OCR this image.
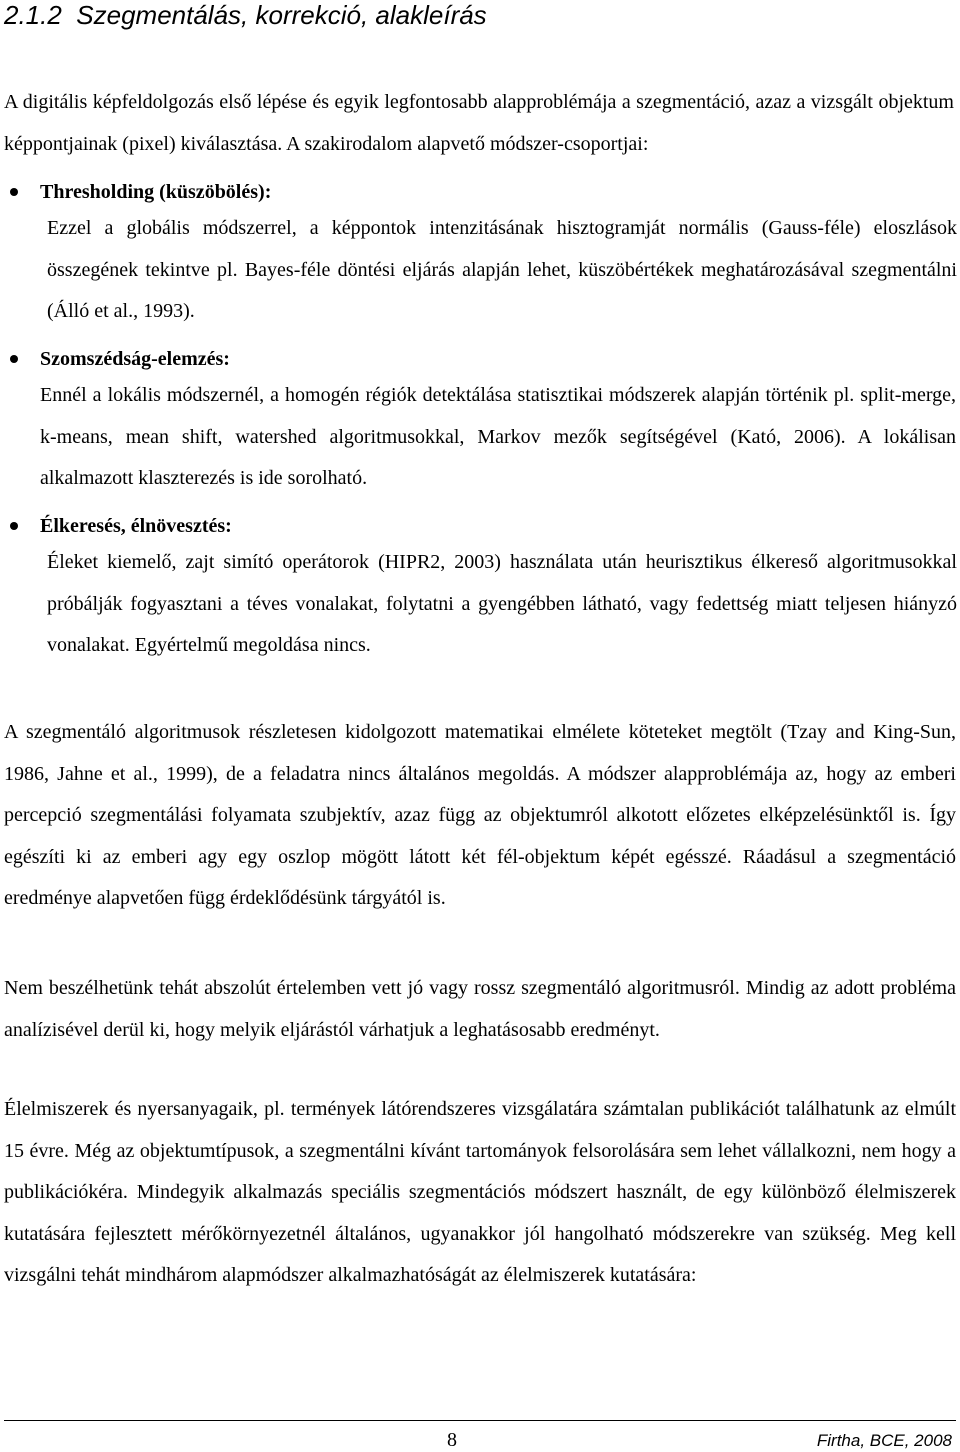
2.1.2 Szegmentálás, korrekció, alakleírás

A digitális képfeldolgozás első lépése és egyik legfontosabb alapproblémája a szegmentáció, azaz a vizsgált objektum képpontjainak (pixel) kiválasztása. A szakirodalom alapvető módszer-csoportjai:

Thresholding (küszöbölés):

Ezzel a globális módszerrel, a képpontok intenzitásának hisztogramját normális (Gauss-féle) eloszlások összegének tekintve pl. Bayes-féle döntési eljárás alapján lehet, küszöbértékek meghatározásával szegmentálni (Álló et al., 1993).

Szomszédság-elemzés:

Ennél a lokális módszernél, a homogén régiók detektálása statisztikai módszerek alapján történik pl. split-merge, k-means, mean shift, watershed algoritmusokkal, Markov mezők segítségével (Kató, 2006). A lokálisan alkalmazott klaszterezés is ide sorolható.

Élkeresés, élnövesztés:

Éleket kiemelő, zajt simító operátorok (HIPR2, 2003) használata után heurisztikus élkereső algoritmusokkal próbálják fogyasztani a téves vonalakat, folytatni a gyengébben látható, vagy fedettség miatt teljesen hiányzó vonalakat. Egyértelmű megoldása nincs.

A szegmentáló algoritmusok részletesen kidolgozott matematikai elmélete köteteket megtölt (Tzay and King-Sun, 1986, Jahne et al., 1999), de a feladatra nincs általános megoldás. A módszer alapproblémája az, hogy az emberi percepció szegmentálási folyamata szubjektív, azaz függ az objektumról alkotott előzetes elképzelésünktől is. Így egészíti ki az emberi agy egy oszlop mögött látott két fél-objektum képét egésszé. Ráadásul a szegmentáció eredménye alapvetően függ érdeklődésünk tárgyától is.

Nem beszélhetünk tehát abszolút értelemben vett jó vagy rossz szegmentáló algoritmusról. Mindig az adott probléma analízisével derül ki, hogy melyik eljárástól várhatjuk a leghatásosabb eredményt.

Élelmiszerek és nyersanyagaik, pl. termények látórendszeres vizsgálatára számtalan publikációt találhatunk az elmúlt 15 évre. Még az objektumtípusok, a szegmentálni kívánt tartományok felsorolására sem lehet vállalkozni, nem hogy a publikációkéra. Mindegyik alkalmazás speciális szegmentációs módszert használt, de egy különböző élelmiszerek kutatására fejlesztett mérőkörnyezetnél általános, ugyanakkor jól hangolható módszerekre van szükség. Meg kell vizsgálni tehát mindhárom alapmódszer alkalmazhatóságát az élelmiszerek kutatására:

8	Firtha, BCE, 2008
